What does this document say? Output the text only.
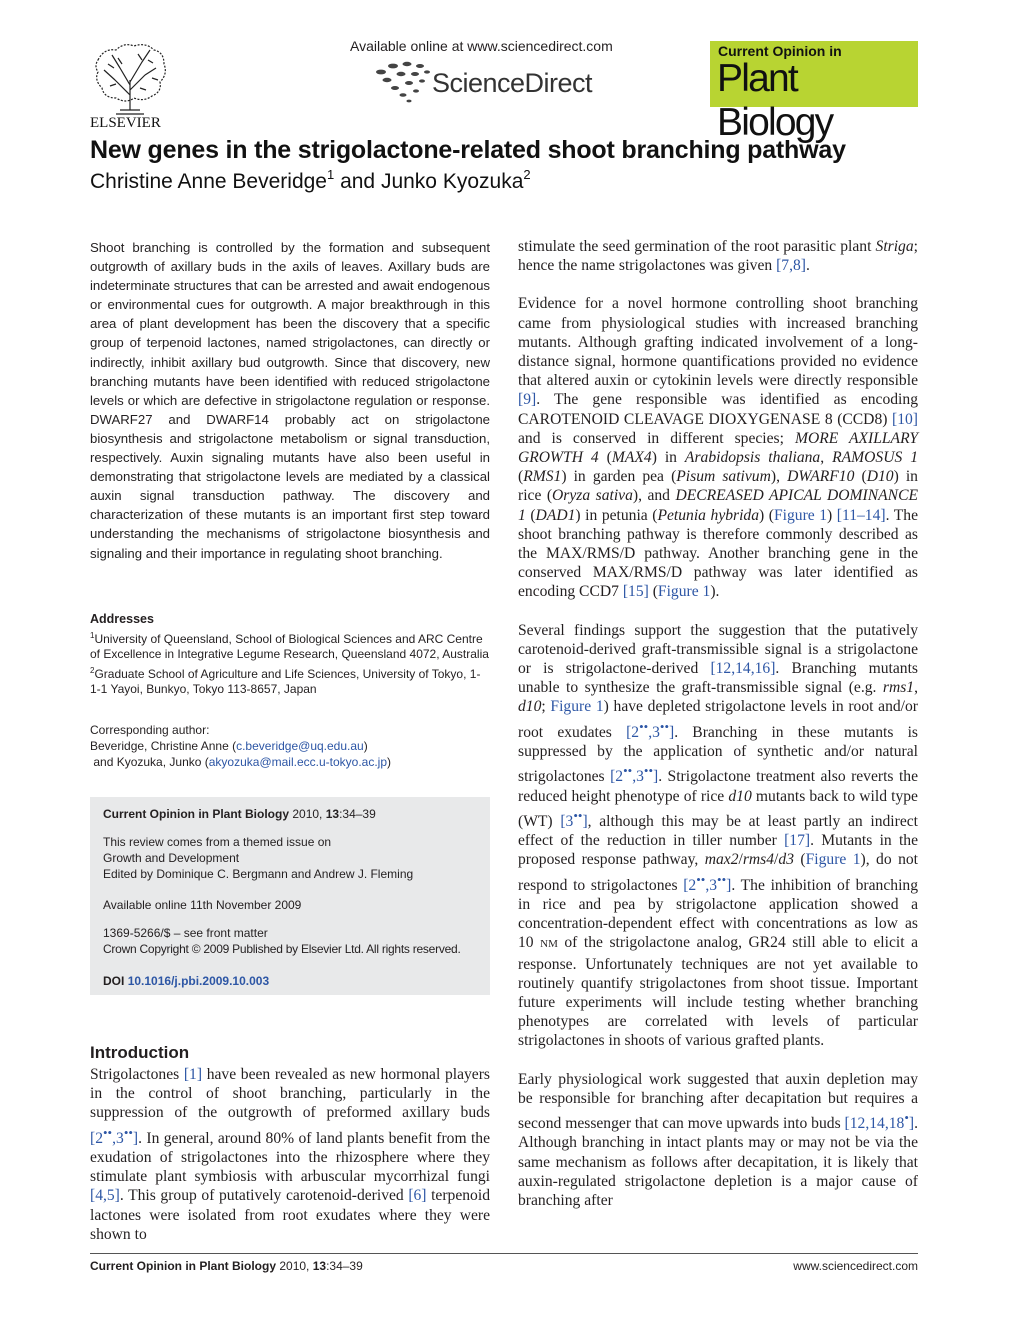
ELSEVIER
Available online at www.sciencedirect.com
ScienceDirect
Current Opinion in
Plant Biology
New genes in the strigolactone-related shoot branching pathway
Christine Anne Beveridge$^1$ and Junko Kyozuka$^2$
Shoot branching is controlled by the formation and subsequent outgrowth of axillary buds in the axils of leaves. Axillary buds are indeterminate structures that can be arrested and await endogenous or environmental cues for outgrowth. A major breakthrough in this area of plant development has been the discovery that a specific group of terpenoid lactones, named strigolactones, can directly or indirectly, inhibit axillary bud outgrowth. Since that discovery, new branching mutants have been identified with reduced strigolactone levels or which are defective in strigolactone regulation or response. DWARF27 and DWARF14 probably act on strigolactone biosynthesis and strigolactone metabolism or signal transduction, respectively. Auxin signaling mutants have also been useful in demonstrating that strigolactone levels are mediated by a classical auxin signal transduction pathway. The discovery and characterization of these mutants is an important first step toward understanding the mechanisms of strigolactone biosynthesis and signaling and their importance in regulating shoot branching.
Addresses
$^1$University of Queensland, School of Biological Sciences and ARC Centre of Excellence in Integrative Legume Research, Queensland 4072, Australia
$^2$Graduate School of Agriculture and Life Sciences, University of Tokyo, 1-1-1 Yayoi, Bunkyo, Tokyo 113-8657, Japan
Corresponding author:
Beveridge, Christine Anne (c.beveridge@uq.edu.au)
and Kyozuka, Junko (akyozuka@mail.ecc.u-tokyo.ac.jp)
Current Opinion in Plant Biology 2010, 13:34–39
This review comes from a themed issue on
Growth and Development
Edited by Dominique C. Bergmann and Andrew J. Fleming
Available online 11th November 2009
1369-5266/$ – see front matter
Crown Copyright © 2009 Published by Elsevier Ltd. All rights reserved.
DOI 10.1016/j.pbi.2009.10.003
Introduction
Strigolactones [1] have been revealed as new hormonal players in the control of shoot branching, particularly in the suppression of the outgrowth of preformed axillary buds [2••,3••]. In general, around 80% of land plants benefit from the exudation of strigolactones into the rhizosphere where they stimulate plant symbiosis with arbuscular mycorrhizal fungi [4,5]. This group of putatively carotenoid-derived [6] terpenoid lactones were isolated from root exudates where they were shown to

stimulate the seed germination of the root parasitic plant Striga; hence the name strigolactones was given [7,8].

Evidence for a novel hormone controlling shoot branching came from physiological studies with increased branching mutants. Although grafting indicated involvement of a long-distance signal, hormone quantifications provided no evidence that altered auxin or cytokinin levels were directly responsible [9]. The gene responsible was identified as encoding CAROTENOID CLEAVAGE DIOXYGENASE 8 (CCD8) [10] and is conserved in different species; MORE AXILLARY GROWTH 4 (MAX4) in Arabidopsis thaliana, RAMOSUS 1 (RMS1) in garden pea (Pisum sativum), DWARF10 (D10) in rice (Oryza sativa), and DECREASED APICAL DOMINANCE 1 (DAD1) in petunia (Petunia hybrida) (Figure 1) [11–14]. The shoot branching pathway is therefore commonly described as the MAX/RMS/D pathway. Another branching gene in the conserved MAX/RMS/D pathway was later identified as encoding CCD7 [15] (Figure 1).

Several findings support the suggestion that the putatively carotenoid-derived graft-transmissible signal is a strigolactone or is strigolactone-derived [12,14,16]. Branching mutants unable to synthesize the graft-transmissible signal (e.g. rms1, d10; Figure 1) have depleted strigolactone levels in root and/or root exudates [2••,3••]. Branching in these mutants is suppressed by the application of synthetic and/or natural strigolactones [2••,3••]. Strigolactone treatment also reverts the reduced height phenotype of rice d10 mutants back to wild type (WT) [3••], although this may be at least partly an indirect effect of the reduction in tiller number [17]. Mutants in the proposed response pathway, max2/rms4/d3 (Figure 1), do not respond to strigolactones [2••,3••]. The inhibition of branching in rice and pea by strigolactone application showed a concentration-dependent effect with concentrations as low as 10 NM of the strigolactone analog, GR24 still able to elicit a response. Unfortunately techniques are not yet available to routinely quantify strigolactones from shoot tissue. Important future experiments will include testing whether branching phenotypes are correlated with levels of particular strigolactones in shoots of various grafted plants.

Early physiological work suggested that auxin depletion may be responsible for branching after decapitation but requires a second messenger that can move upwards into buds [12,14,18•]. Although branching in intact plants may or may not be via the same mechanism as follows after decapitation, it is likely that auxin-regulated strigolactone depletion is a major cause of branching after

Current Opinion in Plant Biology 2010, 13:34–39	www.sciencedirect.com
